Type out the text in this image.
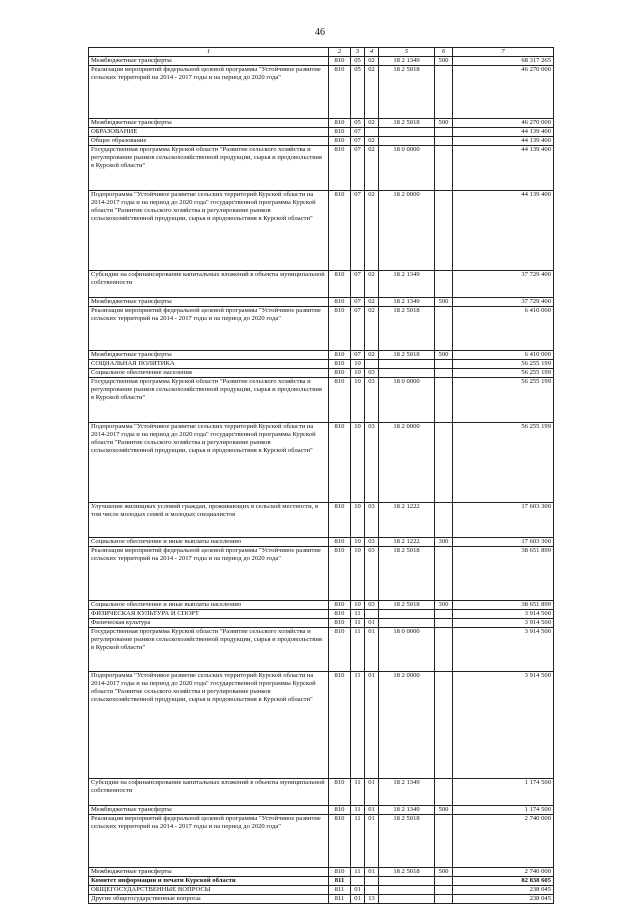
46
1	2	3	4	5	6	7
Межбюджетные трансферты	810	05	02	18 2 1349	500	68 317 265
Реализация мероприятий федеральной целевой программы "Устойчивое развитие сельских территорий на 2014 - 2017 годы и на период до 2020 года"	810	05	02	18 2 5018		46 270 000
Межбюджетные трансферты	810	05	02	18 2 5018	500	46 270 000
ОБРАЗОВАНИЕ	810	07				44 139 400
Общее образование	810	07	02			44 139 400
Государственная программа Курской области "Развитие сельского хозяйства и регулирование рынков сельскохозяйственной продукции, сырья и продовольствия в Курской области"	810	07	02	18 0 0000		44 139 400
Подпрограмма "Устойчивое развитие сельских территорий Курской области на 2014-2017 годы и на период до 2020 года" государственной программы Курской области "Развитие сельского хозяйства и регулирование рынков сельскохозяйственной продукции, сырья и продовольствия в Курской области"	810	07	02	18 2 0000		44 139 400
Субсидии на софинансирование капитальных вложений в объекты муниципальной собственности	810	07	02	18 2 1349		37 729 400
Межбюджетные трансферты	810	07	02	18 2 1349	500	37 729 400
Реализация мероприятий федеральной целевой программы "Устойчивое развитие сельских территорий на 2014 - 2017 годы и на период до 2020 года"	810	07	02	18 2 5018		6 410 000
Межбюджетные трансферты	810	07	02	18 2 5018	500	6 410 000
СОЦИАЛЬНАЯ ПОЛИТИКА	810	10				56 255 199
Социальное обеспечение населения	810	10	03			56 255 199
Государственная программа Курской области "Развитие сельского хозяйства и регулирование рынков сельскохозяйственной продукции, сырья и продовольствия в Курской области"	810	10	03	18 0 0000		56 255 199
Подпрограмма "Устойчивое развитие сельских территорий Курской области на 2014-2017 годы и на период до 2020 года" государственной программы Курской области "Развитие сельского хозяйства и регулирование рынков сельскохозяйственной продукции, сырья и продовольствия в Курской области"	810	10	03	18 2 0000		56 255 199
Улучшение жилищных условий граждан, проживающих в сельской местности, в том числе молодых семей и молодых специалистов	810	10	03	18 2 1222		17 603 300
Социальное обеспечение и иные выплаты населению	810	10	03	18 2 1222	300	17 603 300
Реализация мероприятий федеральной целевой программы "Устойчивое развитие сельских территорий на 2014 - 2017 годы и на период до 2020 года"	810	10	03	18 2 5018		38 651 899
Социальное обеспечение и иные выплаты населению	810	10	03	18 2 5018	300	38 651 899
ФИЗИЧЕСКАЯ КУЛЬТУРА И СПОРТ	810	11				3 914 500
Физическая культура	810	11	01			3 914 500
Государственная программа Курской области "Развитие сельского хозяйства и регулирование рынков сельскохозяйственной продукции, сырья и продовольствия в Курской области"	810	11	01	18 0 0000		3 914 500
Подпрограмма "Устойчивое развитие сельских территорий Курской области на 2014-2017 годы и на период до 2020 года" государственной программы Курской области "Развитие сельского хозяйства и регулирование рынков сельскохозяйственной продукции, сырья и продовольствия в Курской области"	810	11	01	18 2 0000		3 914 500
Субсидии на софинансирование капитальных вложений в объекты муниципальной собственности	810	11	01	18 2 1349		1 174 500
Межбюджетные трансферты	810	11	01	18 2 1349	500	1 174 500
Реализация мероприятий федеральной целевой программы "Устойчивое развитие сельских территорий на 2014 - 2017 годы и на период до 2020 года"	810	11	01	18 2 5018		2 740 000
Межбюджетные трансферты	810	11	01	18 2 5018	500	2 740 000
Комитет информации и печати Курской области	811					82 838 605
ОБЩЕГОСУДАРСТВЕННЫЕ ВОПРОСЫ	811	01				238 045
Другие общегосударственные вопросы	811	01	13			238 045
